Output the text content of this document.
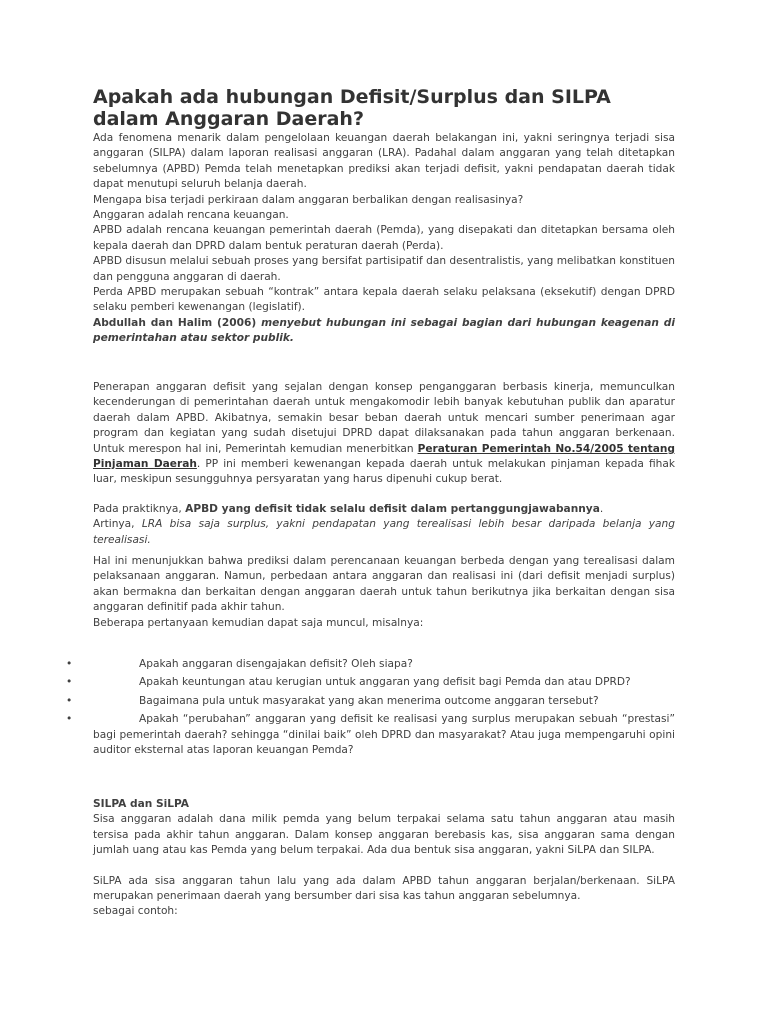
Apakah ada hubungan Defisit/Surplus dan SILPA dalam Anggaran Daerah?

Ada fenomena menarik dalam pengelolaan keuangan daerah belakangan ini, yakni seringnya terjadi sisa anggaran (SILPA) dalam laporan realisasi anggaran (LRA). Padahal dalam anggaran yang telah ditetapkan sebelumnya (APBD) Pemda telah menetapkan prediksi akan terjadi defisit, yakni pendapatan daerah tidak dapat menutupi seluruh belanja daerah.

Mengapa bisa terjadi perkiraan dalam anggaran berbalikan dengan realisasinya?

Anggaran adalah rencana keuangan.

APBD adalah rencana keuangan pemerintah daerah (Pemda), yang disepakati dan ditetapkan bersama oleh kepala daerah dan DPRD dalam bentuk peraturan daerah (Perda).

APBD disusun melalui sebuah proses yang bersifat partisipatif dan desentralistis, yang melibatkan konstituen dan pengguna anggaran di daerah.

Perda APBD merupakan sebuah “kontrak” antara kepala daerah selaku pelaksana (eksekutif) dengan DPRD selaku pemberi kewenangan (legislatif).

Abdullah dan Halim (2006) menyebut hubungan ini sebagai bagian dari hubungan keagenan di pemerintahan atau sektor publik.

Penerapan anggaran defisit yang sejalan dengan konsep penganggaran berbasis kinerja, memunculkan kecenderungan di pemerintahan daerah untuk mengakomodir lebih banyak kebutuhan publik dan aparatur daerah dalam APBD. Akibatnya, semakin besar beban daerah untuk mencari sumber penerimaan agar program dan kegiatan yang sudah disetujui DPRD dapat dilaksanakan pada tahun anggaran berkenaan. Untuk merespon hal ini, Pemerintah kemudian menerbitkan Peraturan Pemerintah No.54/2005 tentang Pinjaman Daerah. PP ini memberi kewenangan kepada daerah untuk melakukan pinjaman kepada fihak luar, meskipun sesungguhnya persyaratan yang harus dipenuhi cukup berat.

Pada praktiknya, APBD yang defisit tidak selalu defisit dalam pertanggungjawabannya.

Artinya, LRA bisa saja surplus, yakni pendapatan yang terealisasi lebih besar daripada belanja yang terealisasi.

Hal ini menunjukkan bahwa prediksi dalam perencanaan keuangan berbeda dengan yang terealisasi dalam pelaksanaan anggaran. Namun, perbedaan antara anggaran dan realisasi ini (dari defisit menjadi surplus) akan bermakna dan berkaitan dengan anggaran daerah untuk tahun berikutnya jika berkaitan dengan sisa anggaran definitif pada akhir tahun.

Beberapa pertanyaan kemudian dapat saja muncul, misalnya:

•	Apakah anggaran disengajakan defisit? Oleh siapa?
•	Apakah keuntungan atau kerugian untuk anggaran yang defisit bagi Pemda dan atau DPRD?
•	Bagaimana pula untuk masyarakat yang akan menerima outcome anggaran tersebut?
•	Apakah “perubahan” anggaran yang defisit ke realisasi yang surplus merupakan sebuah “prestasi” bagi pemerintah daerah? sehingga “dinilai baik” oleh DPRD dan masyarakat? Atau juga mempengaruhi opini auditor eksternal atas laporan keuangan Pemda?

SILPA dan SiLPA

Sisa anggaran adalah dana milik pemda yang belum terpakai selama satu tahun anggaran atau masih tersisa pada akhir tahun anggaran. Dalam konsep anggaran berebasis kas, sisa anggaran sama dengan jumlah uang atau kas Pemda yang belum terpakai. Ada dua bentuk sisa anggaran, yakni SiLPA dan SILPA.

SiLPA ada sisa anggaran tahun lalu yang ada dalam APBD tahun anggaran berjalan/berkenaan. SiLPA merupakan penerimaan daerah yang bersumber dari sisa kas tahun anggaran sebelumnya.

sebagai contoh:
